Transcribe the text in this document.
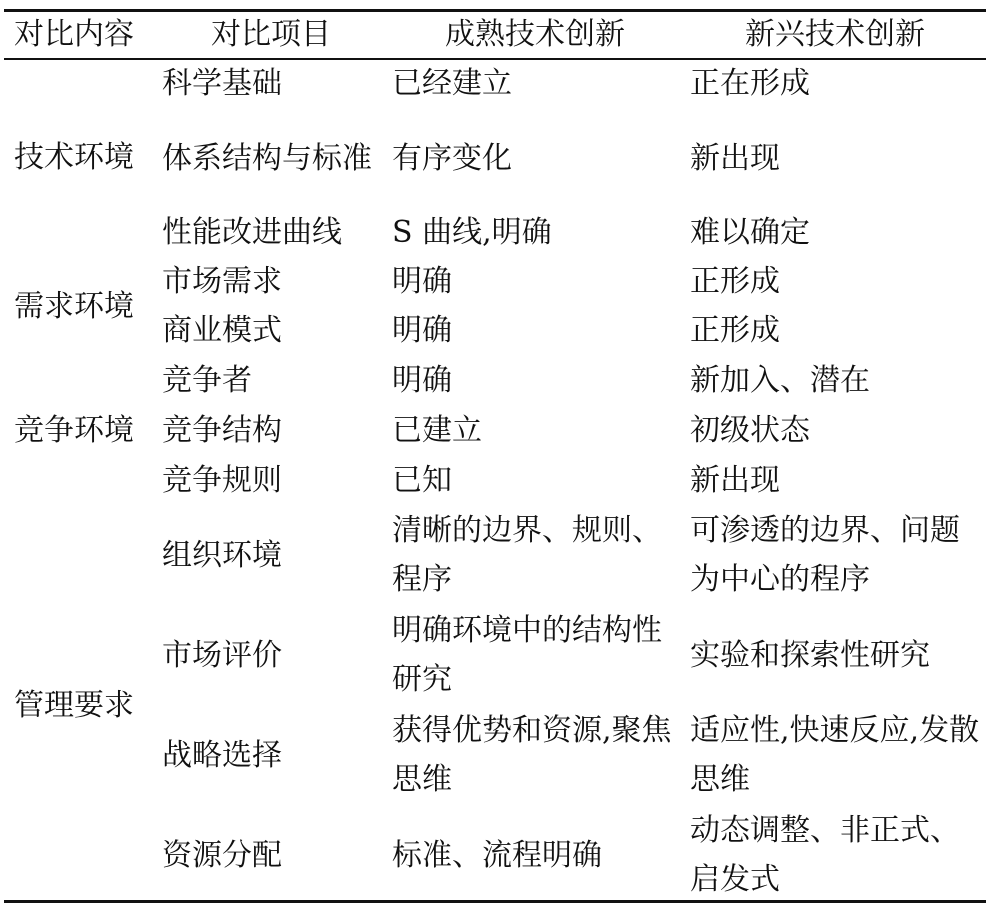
对比内容	对比项目	成熟技术创新	新兴技术创新
技术环境	科学基础	已经建立	正在形成
	体系结构与标准	有序变化	新出现
	性能改进曲线	S 曲线,明确	难以确定
需求环境	市场需求	明确	正形成
	商业模式	明确	正形成
竞争环境	竞争者	明确	新加入、潜在
	竞争结构	已建立	初级状态
	竞争规则	已知	新出现
管理要求	组织环境	清晰的边界、规则、程序	可渗透的边界、问题为中心的程序
	市场评价	明确环境中的结构性研究	实验和探索性研究
	战略选择	获得优势和资源,聚焦思维	适应性,快速反应,发散思维
	资源分配	标准、流程明确	动态调整、非正式、启发式
